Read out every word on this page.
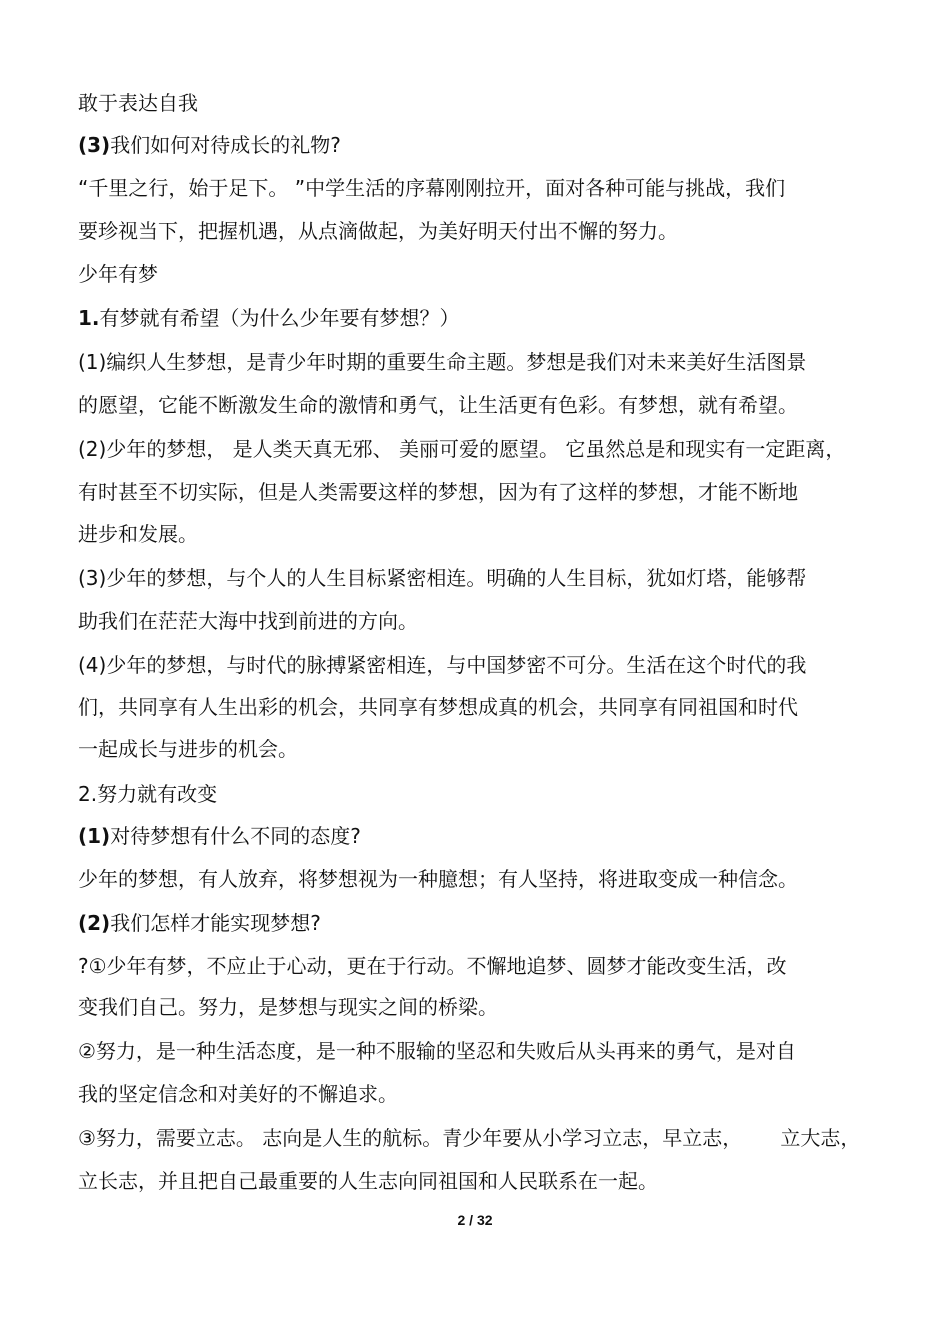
敢于表达自我
(3)我们如何对待成长的礼物?
“千里之行，始于足下。 ”中学生活的序幕刚刚拉开，面对各种可能与挑战，我们
要珍视当下，把握机遇，从点滴做起，为美好明天付出不懈的努力。
少年有梦
1.有梦就有希望（为什么少年要有梦想？）
(1)编织人生梦想，是青少年时期的重要生命主题。梦想是我们对未来美好生活图景
的愿望，它能不断激发生命的激情和勇气，让生活更有色彩。有梦想，就有希望。
(2)少年的梦想， 是人类天真无邪、 美丽可爱的愿望。 它虽然总是和现实有一定距离，
有时甚至不切实际，但是人类需要这样的梦想，因为有了这样的梦想，才能不断地
进步和发展。
(3)少年的梦想，与个人的人生目标紧密相连。明确的人生目标，犹如灯塔，能够帮
助我们在茫茫大海中找到前进的方向。
(4)少年的梦想，与时代的脉搏紧密相连，与中国梦密不可分。生活在这个时代的我
们，共同享有人生出彩的机会，共同享有梦想成真的机会，共同享有同祖国和时代
一起成长与进步的机会。
2.努力就有改变
(1)对待梦想有什么不同的态度?
少年的梦想，有人放弃，将梦想视为一种臆想；有人坚持，将进取变成一种信念。
(2)我们怎样才能实现梦想?
?①少年有梦，不应止于心动，更在于行动。不懈地追梦、圆梦才能改变生活，改
变我们自己。努力，是梦想与现实之间的桥梁。
②努力，是一种生活态度，是一种不服输的坚忍和失败后从头再来的勇气，是对自
我的坚定信念和对美好的不懈追求。
③努力，需要立志。 志向是人生的航标。青少年要从小学习立志，早立志，      立大志，
立长志，并且把自己最重要的人生志向同祖国和人民联系在一起。
2 / 32
